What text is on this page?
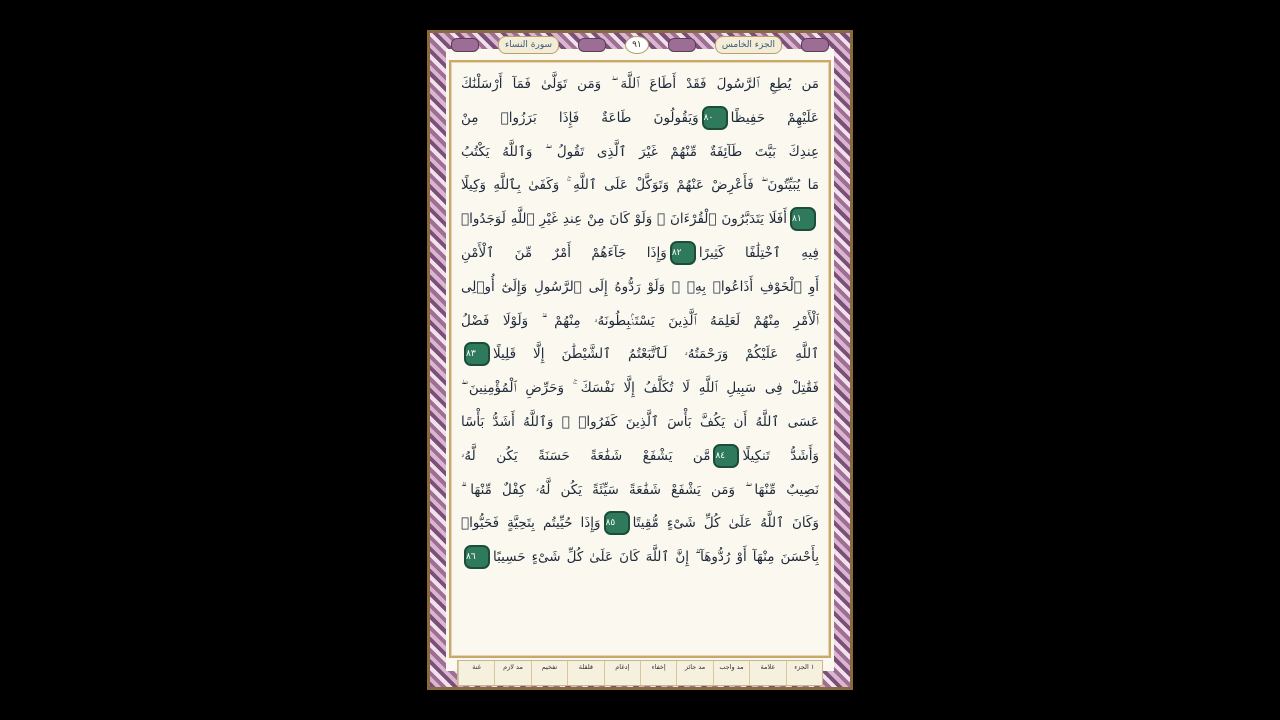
سورة النساء	٩١	الجزء الخامس
مَن يُطِعِ ٱلرَّسُولَ فَقَدْ أَطَاعَ ٱللَّهَ ۖ وَمَن تَوَلَّىٰ فَمَآ أَرْسَلْنَٰكَ
عَلَيْهِمْ حَفِيظًا٨٠وَيَقُولُونَ طَاعَةٌ فَإِذَا بَرَزُوا۟ مِنْ
عِندِكَ بَيَّتَ طَآئِفَةٌ مِّنْهُمْ غَيْرَ ٱلَّذِى تَقُولُ ۖ وَٱللَّهُ يَكْتُبُ
مَا يُبَيِّتُونَ ۖ فَأَعْرِضْ عَنْهُمْ وَتَوَكَّلْ عَلَى ٱللَّهِ ۚ وَكَفَىٰ بِٱللَّهِ وَكِيلًا
٨١أَفَلَا يَتَدَبَّرُونَ ٱلْقُرْءَانَ ۚ وَلَوْ كَانَ مِنْ عِندِ غَيْرِ ٱللَّهِ لَوَجَدُوا۟
فِيهِ ٱخْتِلَٰفًا كَثِيرًا٨٢وَإِذَا جَآءَهُمْ أَمْرٌ مِّنَ ٱلْأَمْنِ
أَوِ ٱلْخَوْفِ أَذَاعُوا۟ بِهِۦ ۖ وَلَوْ رَدُّوهُ إِلَى ٱلرَّسُولِ وَإِلَىٰٓ أُو۟لِى
ٱلْأَمْرِ مِنْهُمْ لَعَلِمَهُ ٱلَّذِينَ يَسْتَنۢبِطُونَهُۥ مِنْهُمْ ۗ وَلَوْلَا فَضْلُ
ٱللَّهِ عَلَيْكُمْ وَرَحْمَتُهُۥ لَٱتَّبَعْتُمُ ٱلشَّيْطَٰنَ إِلَّا قَلِيلًا٨٣
فَقَٰتِلْ فِى سَبِيلِ ٱللَّهِ لَا تُكَلَّفُ إِلَّا نَفْسَكَ ۚ وَحَرِّضِ ٱلْمُؤْمِنِينَ ۖ
عَسَى ٱللَّهُ أَن يَكُفَّ بَأْسَ ٱلَّذِينَ كَفَرُوا۟ ۚ وَٱللَّهُ أَشَدُّ بَأْسًا
وَأَشَدُّ تَنكِيلًا٨٤مَّن يَشْفَعْ شَفَٰعَةً حَسَنَةً يَكُن لَّهُۥ
نَصِيبٌ مِّنْهَا ۖ وَمَن يَشْفَعْ شَفَٰعَةً سَيِّئَةً يَكُن لَّهُۥ كِفْلٌ مِّنْهَا ۗ
وَكَانَ ٱللَّهُ عَلَىٰ كُلِّ شَىْءٍ مُّقِيتًا٨٥وَإِذَا حُيِّيتُم بِتَحِيَّةٍ فَحَيُّوا۟
بِأَحْسَنَ مِنْهَآ أَوْ رُدُّوهَآ ۗ إِنَّ ٱللَّهَ كَانَ عَلَىٰ كُلِّ شَىْءٍ حَسِيبًا٨٦
١ الجزء
علامة
مد واجب
مد جائز
إخفاء
إدغام
قلقلة
تفخيم
مد لازم
غنة
